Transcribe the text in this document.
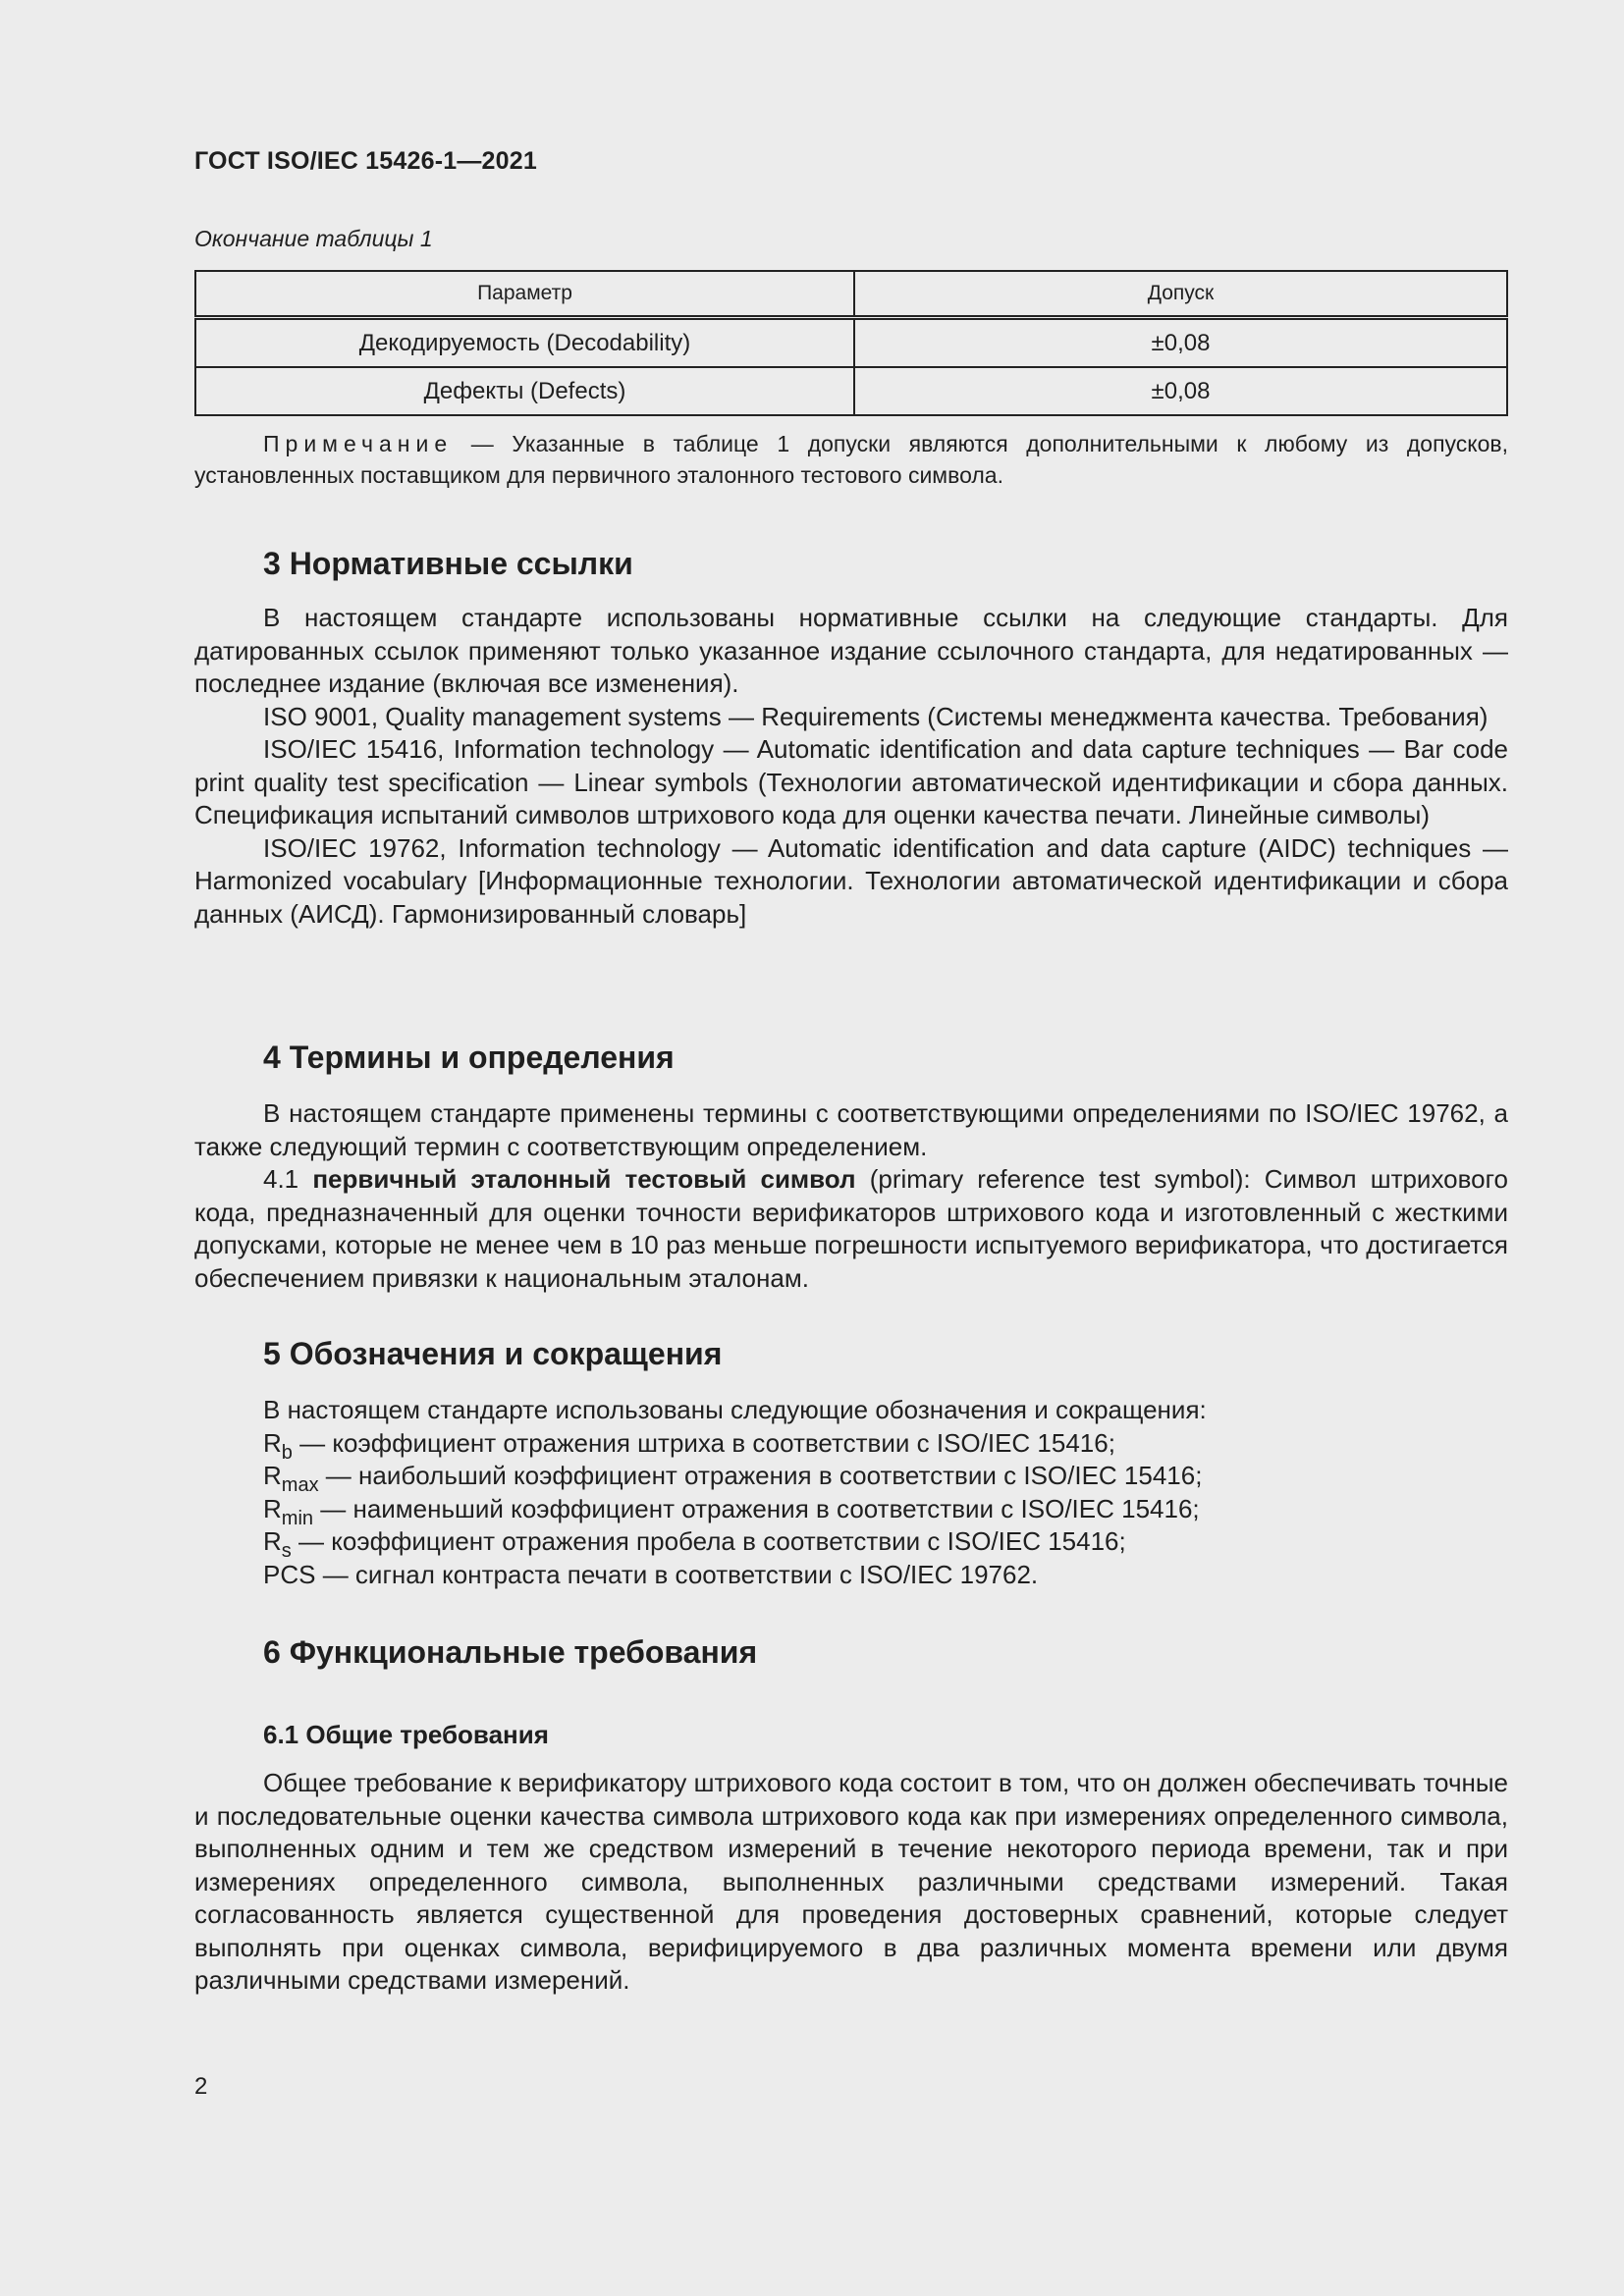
ГОСТ ISO/IEC 15426-1—2021
Окончание таблицы 1
Параметр	Допуск
Декодируемость (Decodability)	±0,08
Дефекты (Defects)	±0,08
Примечание — Указанные в таблице 1 допуски являются дополнительными к любому из допусков, установленных поставщиком для первичного эталонного тестового символа.
3 Нормативные ссылки

В настоящем стандарте использованы нормативные ссылки на следующие стандарты. Для датированных ссылок применяют только указанное издание ссылочного стандарта, для недатированных — последнее издание (включая все изменения).

ISO 9001, Quality management systems — Requirements (Системы менеджмента качества. Требования)

ISO/IEC 15416, Information technology — Automatic identification and data capture techniques — Bar code print quality test specification — Linear symbols (Технологии автоматической идентификации и сбора данных. Спецификация испытаний символов штрихового кода для оценки качества печати. Линейные символы)

ISO/IEC 19762, Information technology — Automatic identification and data capture (AIDC) techniques — Harmonized vocabulary [Информационные технологии. Технологии автоматической идентификации и сбора данных (АИСД). Гармонизированный словарь]

4 Термины и определения

В настоящем стандарте применены термины с соответствующими определениями по ISO/IEC 19762, а также следующий термин с соответствующим определением.

4.1 первичный эталонный тестовый символ (primary reference test symbol): Символ штрихового кода, предназначенный для оценки точности верификаторов штрихового кода и изготовленный с жесткими допусками, которые не менее чем в 10 раз меньше погрешности испытуемого верификатора, что достигается обеспечением привязки к национальным эталонам.

5 Обозначения и сокращения

В настоящем стандарте использованы следующие обозначения и сокращения:

$R_b$ — коэффициент отражения штриха в соответствии с ISO/IEC 15416;
$R_{max}$ — наибольший коэффициент отражения в соответствии с ISO/IEC 15416;
$R_{min}$ — наименьший коэффициент отражения в соответствии с ISO/IEC 15416;
$R_s$ — коэффициент отражения пробела в соответствии с ISO/IEC 15416;
PCS — сигнал контраста печати в соответствии с ISO/IEC 19762.
6 Функциональные требования
6.1 Общие требования

Общее требование к верификатору штрихового кода состоит в том, что он должен обеспечивать точные и последовательные оценки качества символа штрихового кода как при измерениях определенного символа, выполненных одним и тем же средством измерений в течение некоторого периода времени, так и при измерениях определенного символа, выполненных различными средствами измерений. Такая согласованность является существенной для проведения достоверных сравнений, которые следует выполнять при оценках символа, верифицируемого в два различных момента времени или двумя различными средствами измерений.

2
